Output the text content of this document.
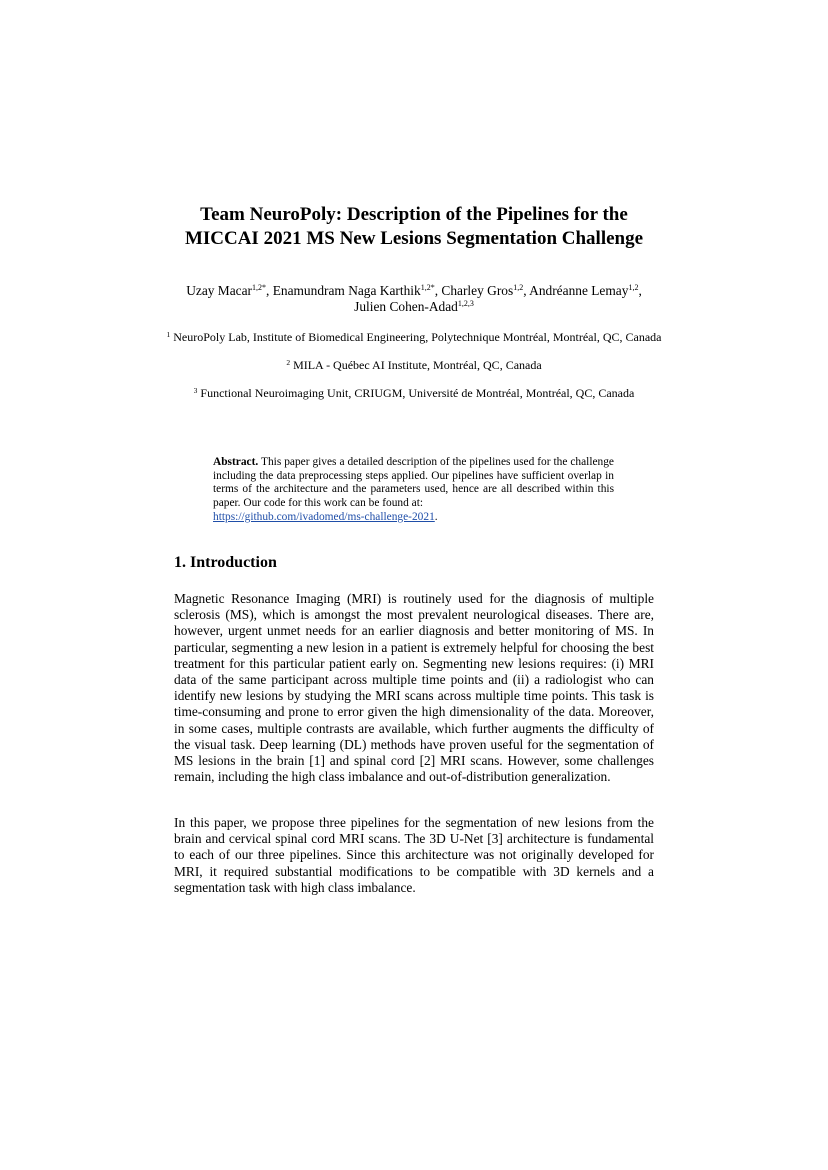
Team NeuroPoly: Description of the Pipelines for the
MICCAI 2021 MS New Lesions Segmentation Challenge
Uzay Macar$^{1,2*}$, Enamundram Naga Karthik$^{1,2*}$, Charley Gros$^{1,2}$, Andréanne Lemay$^{1,2}$,
Julien Cohen-Adad$^{1,2,3}$
$^1$ NeuroPoly Lab, Institute of Biomedical Engineering, Polytechnique Montréal, Montréal, QC, Canada
$^2$ MILA - Québec AI Institute, Montréal, QC, Canada
$^3$ Functional Neuroimaging Unit, CRIUGM, Université de Montréal, Montréal, QC, Canada
Abstract. This paper gives a detailed description of the pipelines used for the challenge including the data preprocessing steps applied. Our pipelines have sufficient overlap in terms of the architecture and the parameters used, hence are all described within this paper. Our code for this work can be found at:
https://github.com/ivadomed/ms-challenge-2021.
1. Introduction
Magnetic Resonance Imaging (MRI) is routinely used for the diagnosis of multiple sclerosis (MS), which is amongst the most prevalent neurological diseases. There are, however, urgent unmet needs for an earlier diagnosis and better monitoring of MS. In particular, segmenting a new lesion in a patient is extremely helpful for choosing the best treatment for this particular patient early on. Segmenting new lesions requires: (i) MRI data of the same participant across multiple time points and (ii) a radiologist who can identify new lesions by studying the MRI scans across multiple time points. This task is time-consuming and prone to error given the high dimensionality of the data. Moreover, in some cases, multiple contrasts are available, which further augments the difficulty of the visual task. Deep learning (DL) methods have proven useful for the segmentation of MS lesions in the brain [1] and spinal cord [2] MRI scans. However, some challenges remain, including the high class imbalance and out-of-distribution generalization.
In this paper, we propose three pipelines for the segmentation of new lesions from the brain and cervical spinal cord MRI scans. The 3D U-Net [3] architecture is fundamental to each of our three pipelines. Since this architecture was not originally developed for MRI, it required substantial modifications to be compatible with 3D kernels and a segmentation task with high class imbalance.
